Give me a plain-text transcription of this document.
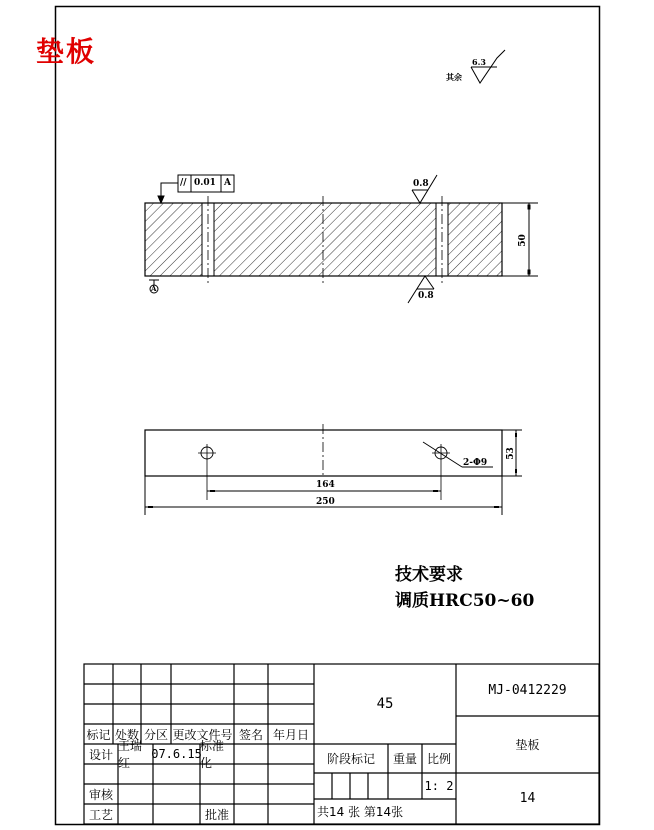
垫板
其余
6.3
// 0.01 A
A
0.8
0.8
50
53
164
250
2-Φ9
技术要求
调质HRC50~60
标记 处数 分区 更改文件号 签名 年月日
设计
王瑞红
07.6.15
标准化
审核
工艺	批准
45
阶段标记	重量 比例
1: 2
共14 张 第14张
MJ-0412229
垫板
14
